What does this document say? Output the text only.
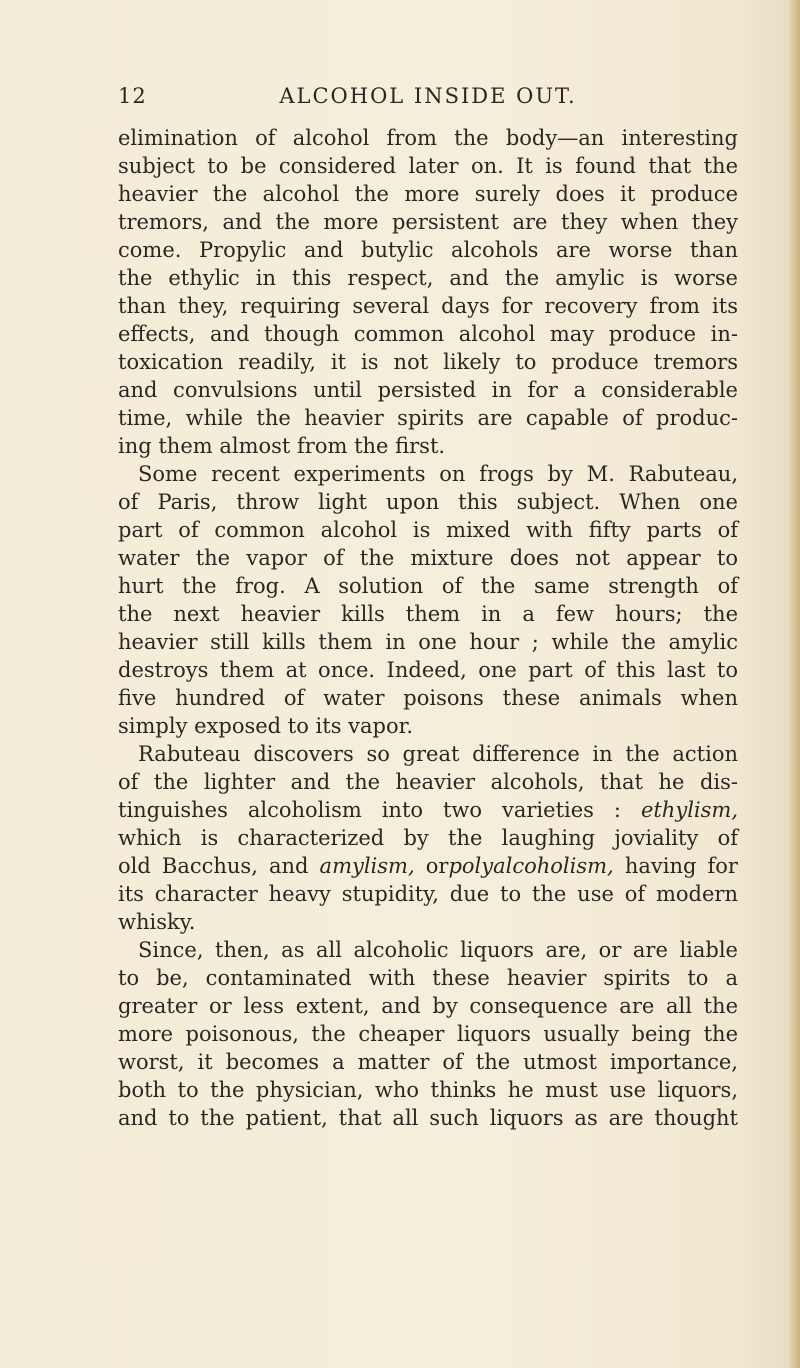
12	ALCOHOL INSIDE OUT.
elimination of alcohol from the body—an interesting
subject to be considered later on. It is found that the
heavier the alcohol the more surely does it produce
tremors, and the more persistent are they when they
come. Propylic and butylic alcohols are worse than
the ethylic in this respect, and the amylic is worse
than they, requiring several days for recovery from its
effects, and though common alcohol may produce in-
toxication readily, it is not likely to produce tremors
and convulsions until persisted in for a considerable
time, while the heavier spirits are capable of produc-
ing them almost from the first.
Some recent experiments on frogs by M. Rabuteau,
of Paris, throw light upon this subject. When one
part of common alcohol is mixed with fifty parts of
water the vapor of the mixture does not appear to
hurt the frog. A solution of the same strength of
the next heavier kills them in a few hours; the
heavier still kills them in one hour ; while the amylic
destroys them at once. Indeed, one part of this last to
five hundred of water poisons these animals when
simply exposed to its vapor.
Rabuteau discovers so great difference in the action
of the lighter and the heavier alcohols, that he dis-
tinguishes alcoholism into two varieties : ethylism,
which is characterized by the laughing joviality of
old Bacchus, and amylism, orpolyalcoholism, having for
its character heavy stupidity, due to the use of modern
whisky.
Since, then, as all alcoholic liquors are, or are liable
to be, contaminated with these heavier spirits to a
greater or less extent, and by consequence are all the
more poisonous, the cheaper liquors usually being the
worst, it becomes a matter of the utmost importance,
both to the physician, who thinks he must use liquors,
and to the patient, that all such liquors as are thought
